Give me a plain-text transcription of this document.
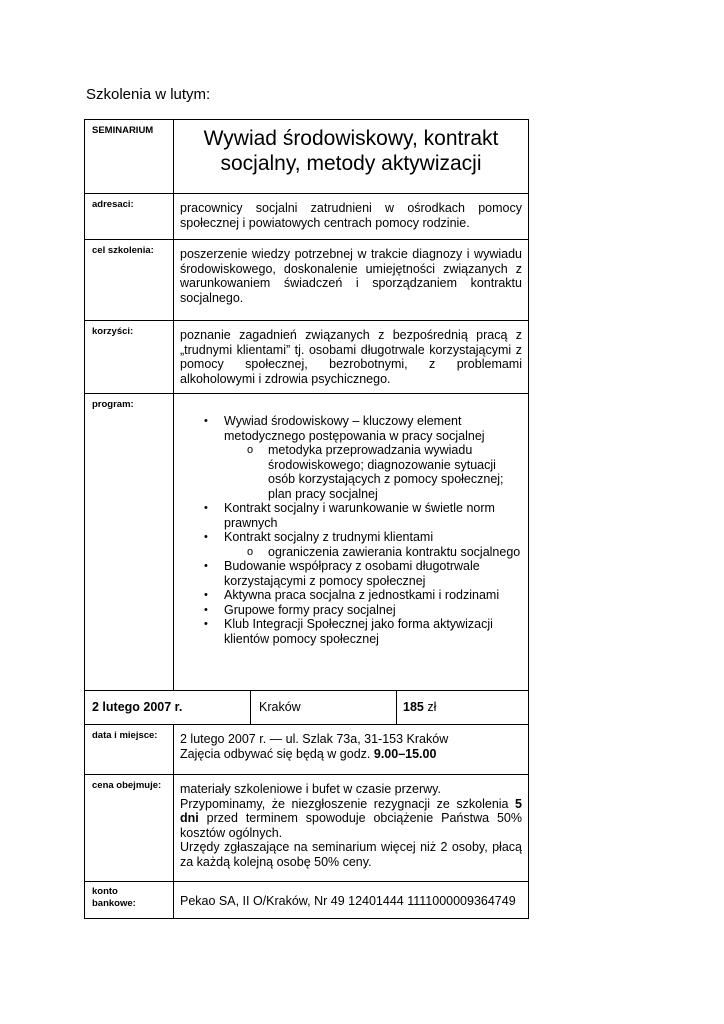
Szkolenia w lutym:
SEMINARIUM	Wywiad środowiskowy, kontrakt
socjalny, metody aktywizacji
adresaci:	pracownicy socjalni zatrudnieni w ośrodkach pomocy społecznej i powiatowych centrach pomocy rodzinie.
cel szkolenia:	poszerzenie wiedzy potrzebnej w trakcie diagnozy i wywiadu środowiskowego, doskonalenie umiejętności związanych z warunkowaniem świadczeń i sporządzaniem kontraktu socjalnego.
korzyści:	poznanie zagadnień związanych z bezpośrednią pracą z „trudnymi klientami” tj. osobami długotrwale korzystającymi z pomocy społecznej, bezrobotnymi, z problemami alkoholowymi i zdrowia psychicznego.
program:
• Wywiad środowiskowy – kluczowy element metodycznego postępowania w pracy socjalnej
o metodyka przeprowadzania wywiadu środowiskowego; diagnozowanie sytuacji osób korzystających z pomocy społecznej; plan pracy socjalnej
• Kontrakt socjalny i warunkowanie w świetle norm prawnych
• Kontrakt socjalny z trudnymi klientami
o ograniczenia zawierania kontraktu socjalnego
• Budowanie współpracy z osobami długotrwale korzystającymi z pomocy społecznej
• Aktywna praca socjalna z jednostkami i rodzinami
• Grupowe formy pracy socjalnej
• Klub Integracji Społecznej jako forma aktywizacji klientów pomocy społecznej
2 lutego 2007 r.	Kraków	185 zł
data i miejsce:	2 lutego 2007 r. — ul. Szlak 73a, 31-153 Kraków
Zajęcia odbywać się będą w godz. 9.00–15.00
cena obejmuje:	materiały szkoleniowe i bufet w czasie przerwy.
Przypominamy, że niezgłoszenie rezygnacji ze szkolenia 5 dni przed terminem spowoduje obciążenie Państwa 50% kosztów ogólnych.
Urzędy zgłaszające na seminarium więcej niż 2 osoby, płacą za każdą kolejną osobę 50% ceny.
konto
bankowe:	Pekao SA, II O/Kraków, Nr 49 12401444 1111000009364749
